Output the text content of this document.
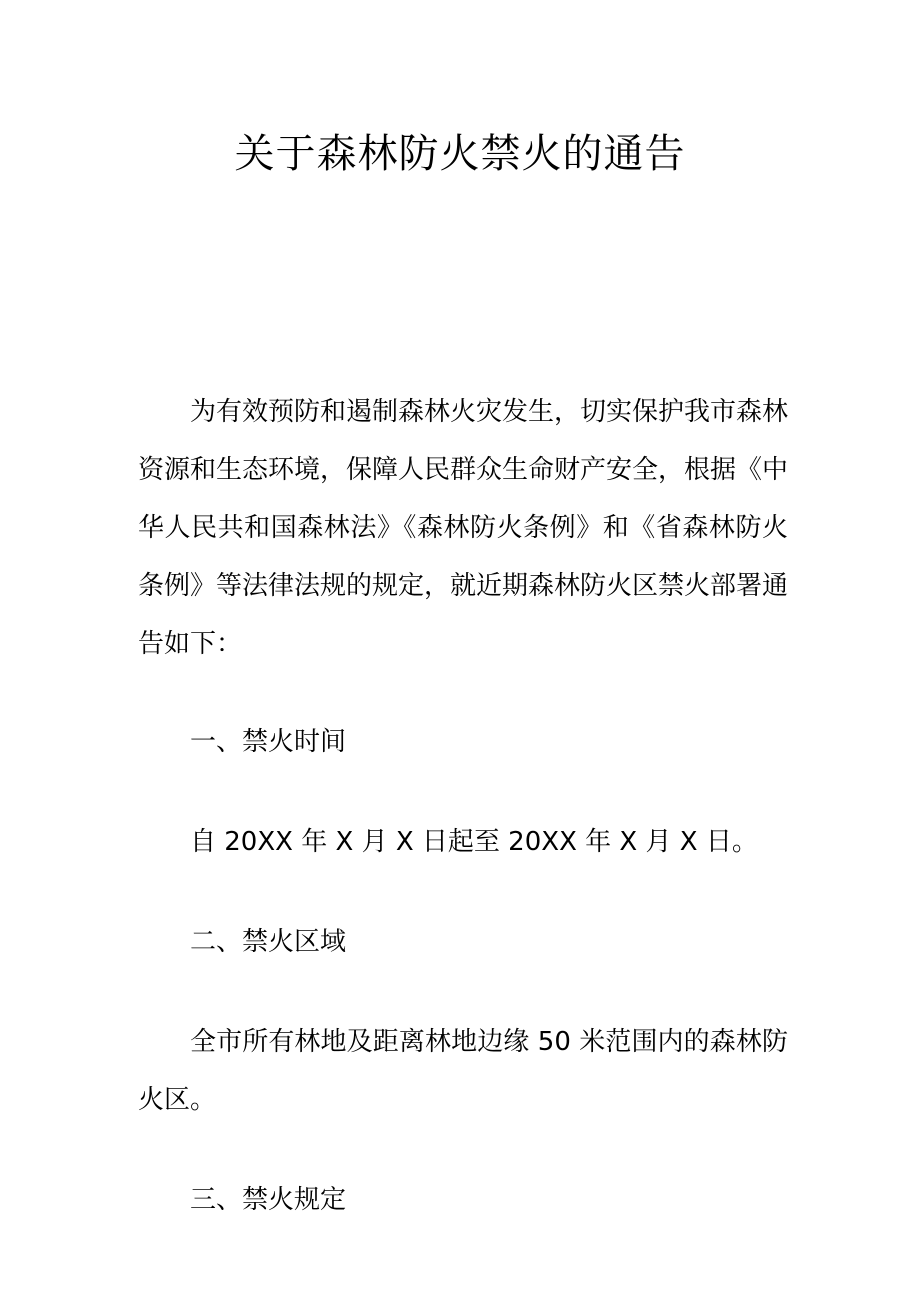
关于森林防火禁火的通告

为有效预防和遏制森林火灾发生，切实保护我市森林资源和生态环境，保障人民群众生命财产安全，根据《中华人民共和国森林法》《森林防火条例》和《省森林防火条例》等法律法规的规定，就近期森林防火区禁火部署通告如下：

一、禁火时间

自 20XX 年 X 月 X 日起至 20XX 年 X 月 X 日。

二、禁火区域

全市所有林地及距离林地边缘 50 米范围内的森林防火区。

三、禁火规定
